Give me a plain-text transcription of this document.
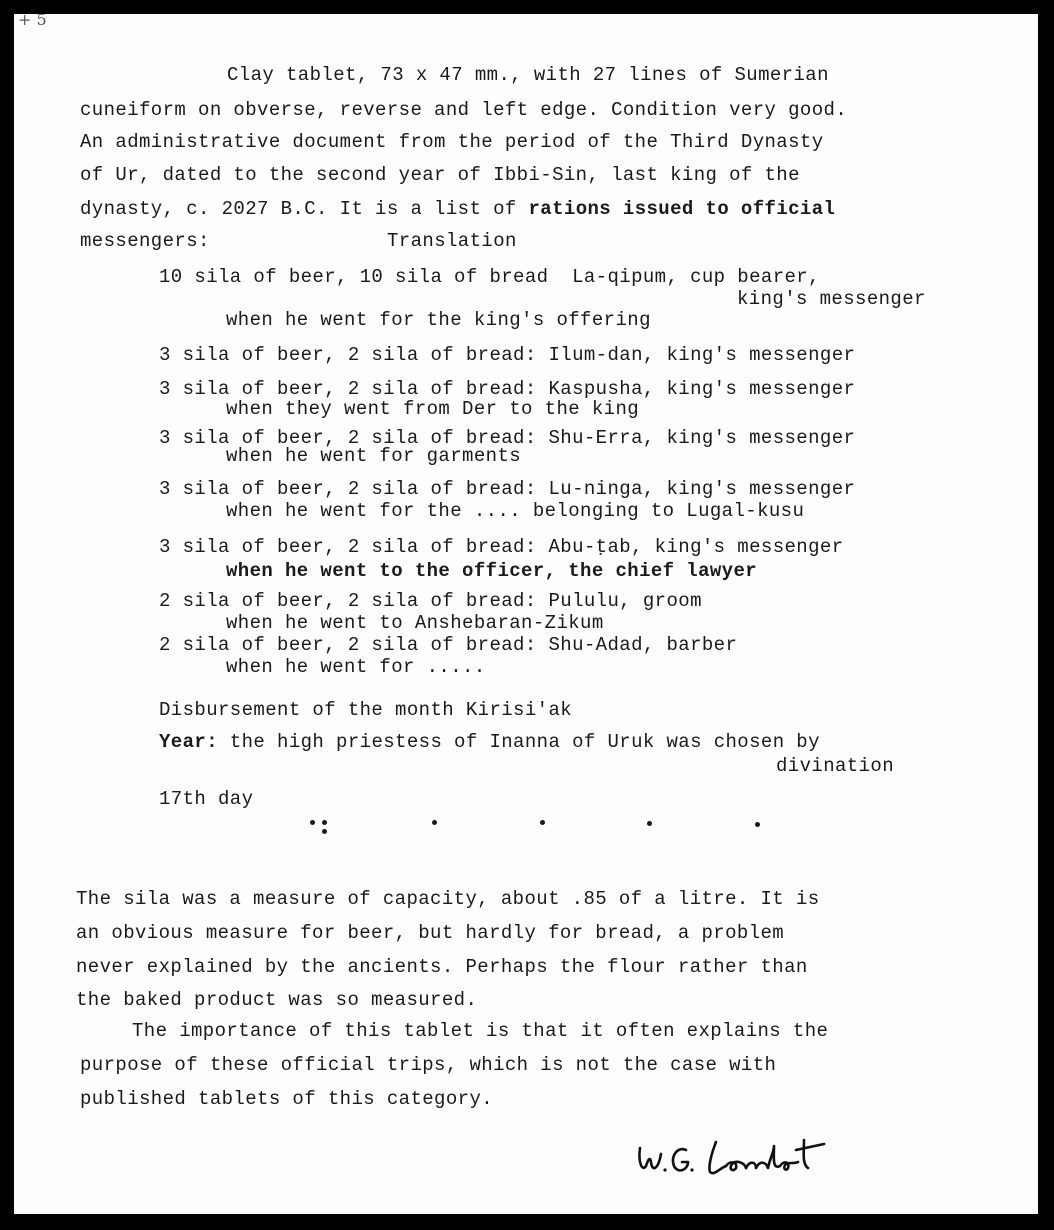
+ 5
Clay tablet, 73 x 47 mm., with 27 lines of Sumerian
cuneiform on obverse, reverse and left edge. Condition very good.
An administrative document from the period of the Third Dynasty
of Ur, dated to the second year of Ibbi-Sin, last king of the
dynasty, c. 2027 B.C. It is a list of rations issued to official
messengers:	Translation
10 sila of beer, 10 sila of bread  La-qipum, cup bearer,
king's messenger
when he went for the king's offering
3 sila of beer, 2 sila of bread: Ilum-dan, king's messenger
3 sila of beer, 2 sila of bread: Kaspusha, king's messenger
when they went from Der to the king
3 sila of beer, 2 sila of bread: Shu-Erra, king's messenger
when he went for garments
3 sila of beer, 2 sila of bread: Lu-ninga, king's messenger
when he went for the .... belonging to Lugal-kusu
3 sila of beer, 2 sila of bread: Abu-ṭab, king's messenger
when he went to the officer, the chief lawyer
2 sila of beer, 2 sila of bread: Pululu, groom
when he went to Anshebaran-Zikum
2 sila of beer, 2 sila of bread: Shu-Adad, barber
when he went for .....
Disbursement of the month Kirisi'ak
Year: the high priestess of Inanna of Uruk was chosen by
divination
17th day
The sila was a measure of capacity, about .85 of a litre. It is
an obvious measure for beer, but hardly for bread, a problem
never explained by the ancients. Perhaps the flour rather than
the baked product was so measured.
The importance of this tablet is that it often explains the
purpose of these official trips, which is not the case with
published tablets of this category.
